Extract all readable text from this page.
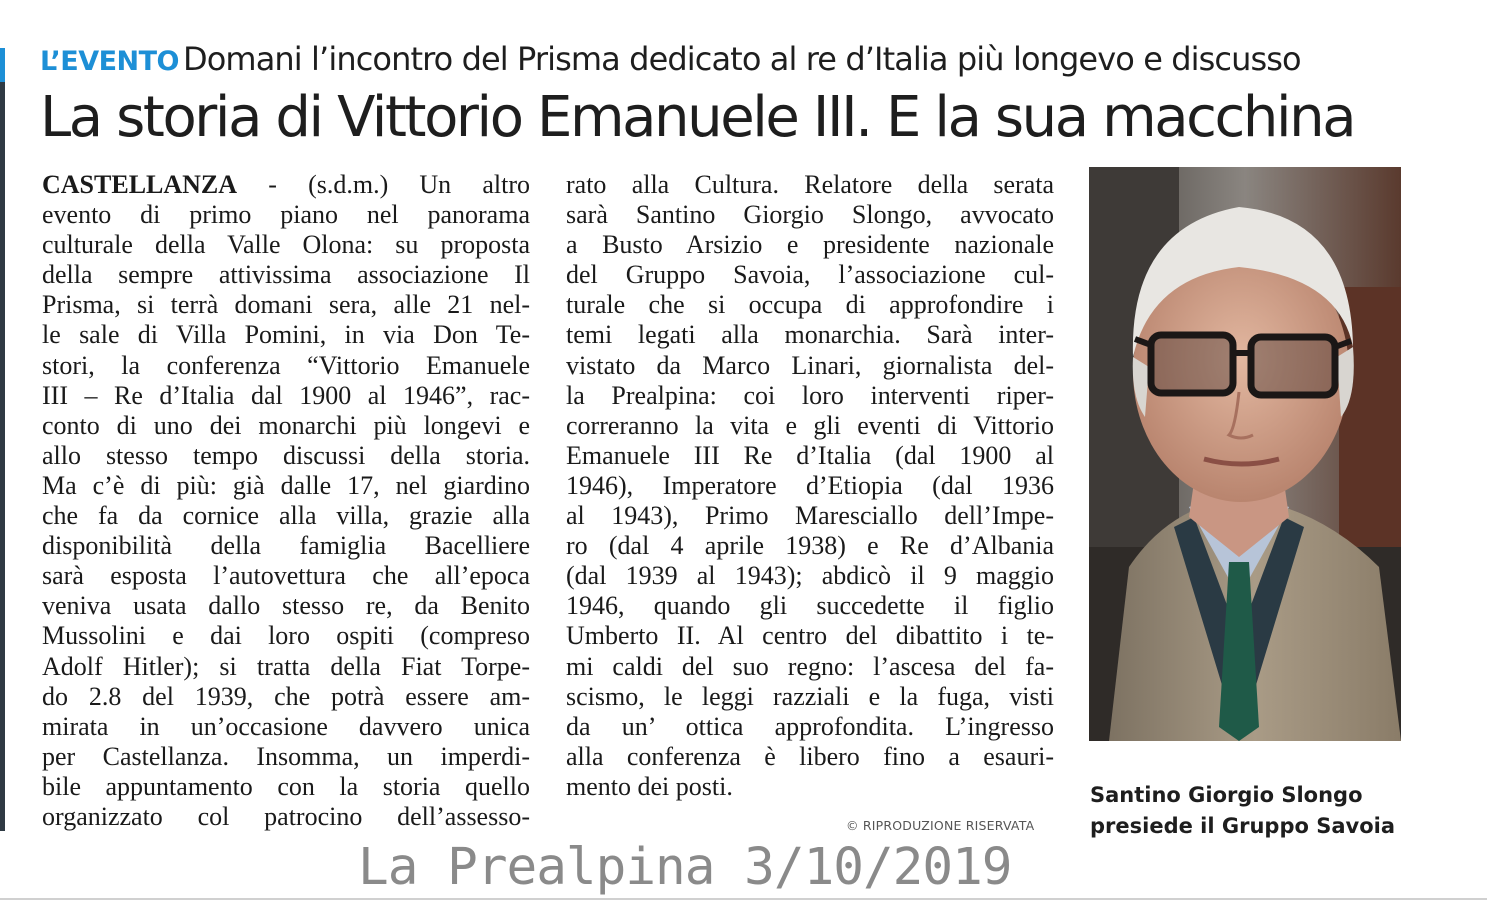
L’EVENTO Domani l’incontro del Prisma dedicato al re d’Italia più longevo e discusso
La storia di Vittorio Emanuele III. E la sua macchina
CASTELLANZA - (s.d.m.) Un altro
evento di primo piano nel panorama
culturale della Valle Olona: su proposta
della sempre attivissima associazione Il
Prisma, si terrà domani sera, alle 21 nel-
le sale di Villa Pomini, in via Don Te-
stori, la conferenza “Vittorio Emanuele
III – Re d’Italia dal 1900 al 1946”, rac-
conto di uno dei monarchi più longevi e
allo stesso tempo discussi della storia.
Ma c’è di più: già dalle 17, nel giardino
che fa da cornice alla villa, grazie alla
disponibilità della famiglia Bacelliere
sarà esposta l’autovettura che all’epoca
veniva usata dallo stesso re, da Benito
Mussolini e dai loro ospiti (compreso
Adolf Hitler); si tratta della Fiat Torpe-
do 2.8 del 1939, che potrà essere am-
mirata in un’occasione davvero unica
per Castellanza. Insomma, un imperdi-
bile appuntamento con la storia quello
organizzato col patrocino dell’assesso-
rato alla Cultura. Relatore della serata
sarà Santino Giorgio Slongo, avvocato
a Busto Arsizio e presidente nazionale
del Gruppo Savoia, l’associazione cul-
turale che si occupa di approfondire i
temi legati alla monarchia. Sarà inter-
vistato da Marco Linari, giornalista del-
la Prealpina: coi loro interventi riper-
correranno la vita e gli eventi di Vittorio
Emanuele III Re d’Italia (dal 1900 al
1946), Imperatore d’Etiopia (dal 1936
al 1943), Primo Maresciallo dell’Impe-
ro (dal 4 aprile 1938) e Re d’Albania
(dal 1939 al 1943); abdicò il 9 maggio
1946, quando gli succedette il figlio
Umberto II. Al centro del dibattito i te-
mi caldi del suo regno: l’ascesa del fa-
scismo, le leggi razziali e la fuga, visti
da un’ ottica approfondita. L’ingresso
alla conferenza è libero fino a esauri-
mento dei posti.
© RIPRODUZIONE RISERVATA
Santino Giorgio Slongo
presiede il Gruppo Savoia
La Prealpina 3/10/2019
